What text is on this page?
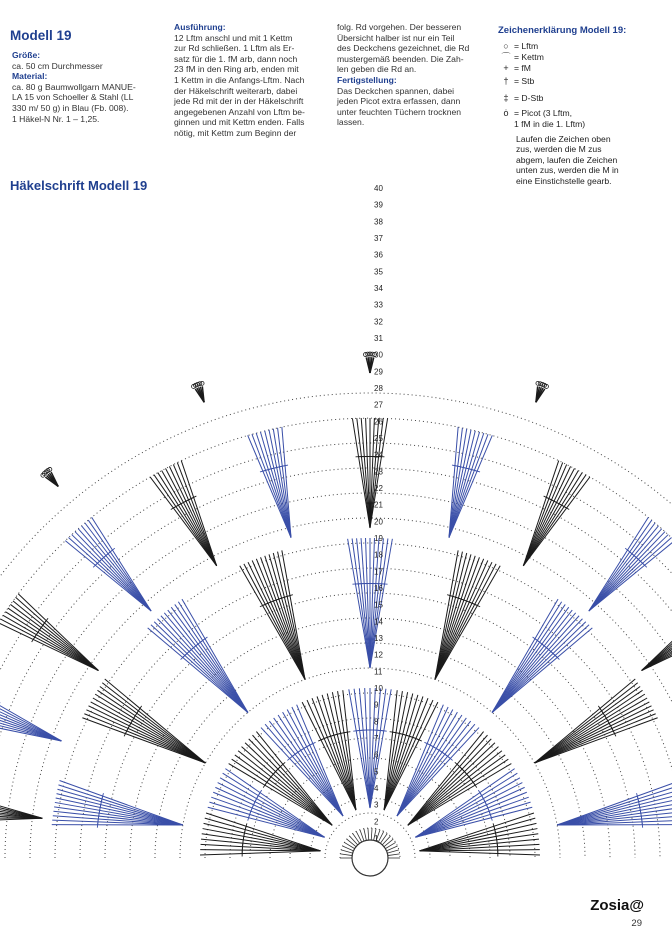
Modell 19
Größe:

ca. 50 cm Durchmesser

Material:

ca. 80 g Baumwollgarn MANUE-

LA 15 von Schoeller & Stahl (LL

330 m/ 50 g) in Blau (Fb. 008).

1 Häkel-N Nr. 1 – 1,25.

Ausführung:

12 Lftm anschl und mit 1 Kettm

zur Rd schließen. 1 Lftm als Er-

satz für die 1. fM arb, dann noch

23 fM in den Ring arb, enden mit

1 Kettm in die Anfangs-Lftm. Nach

der Häkelschrift weiterarb, dabei

jede Rd mit der in der Häkelschrift

angegebenen Anzahl von Lftm be-

ginnen und mit Kettm enden. Falls

nötig, mit Kettm zum Beginn der

folg. Rd vorgehen. Der besseren

Übersicht halber ist nur ein Teil

des Deckchens gezeichnet, die Rd

mustergemäß beenden. Die Zah-

len geben die Rd an.

Fertigstellung:

Das Deckchen spannen, dabei

jeden Picot extra erfassen, dann

unter feuchten Tüchern trocknen

lassen.

Zeichenerklärung Modell 19:
○ = Lftm
⌒ = Kettm
+ = fM
† = Stb
‡ = D-Stb
ȯ = Picot (3 Lftm,
1 fM in die 1. Lftm)

Laufen die Zeichen oben

zus, werden die M zus

abgem, laufen die Zeichen

unten zus, werden die M in

eine Einstichstelle gearb.

Häkelschrift Modell 19	40
39
38
37
36
35
34
33
32
31
30
29
28
27
26
25
24
23
22
21
20
19
18
17
16
15
14
13
12
11
10
9
8
7
6
5
4
3
2
1
Zosia@
29
